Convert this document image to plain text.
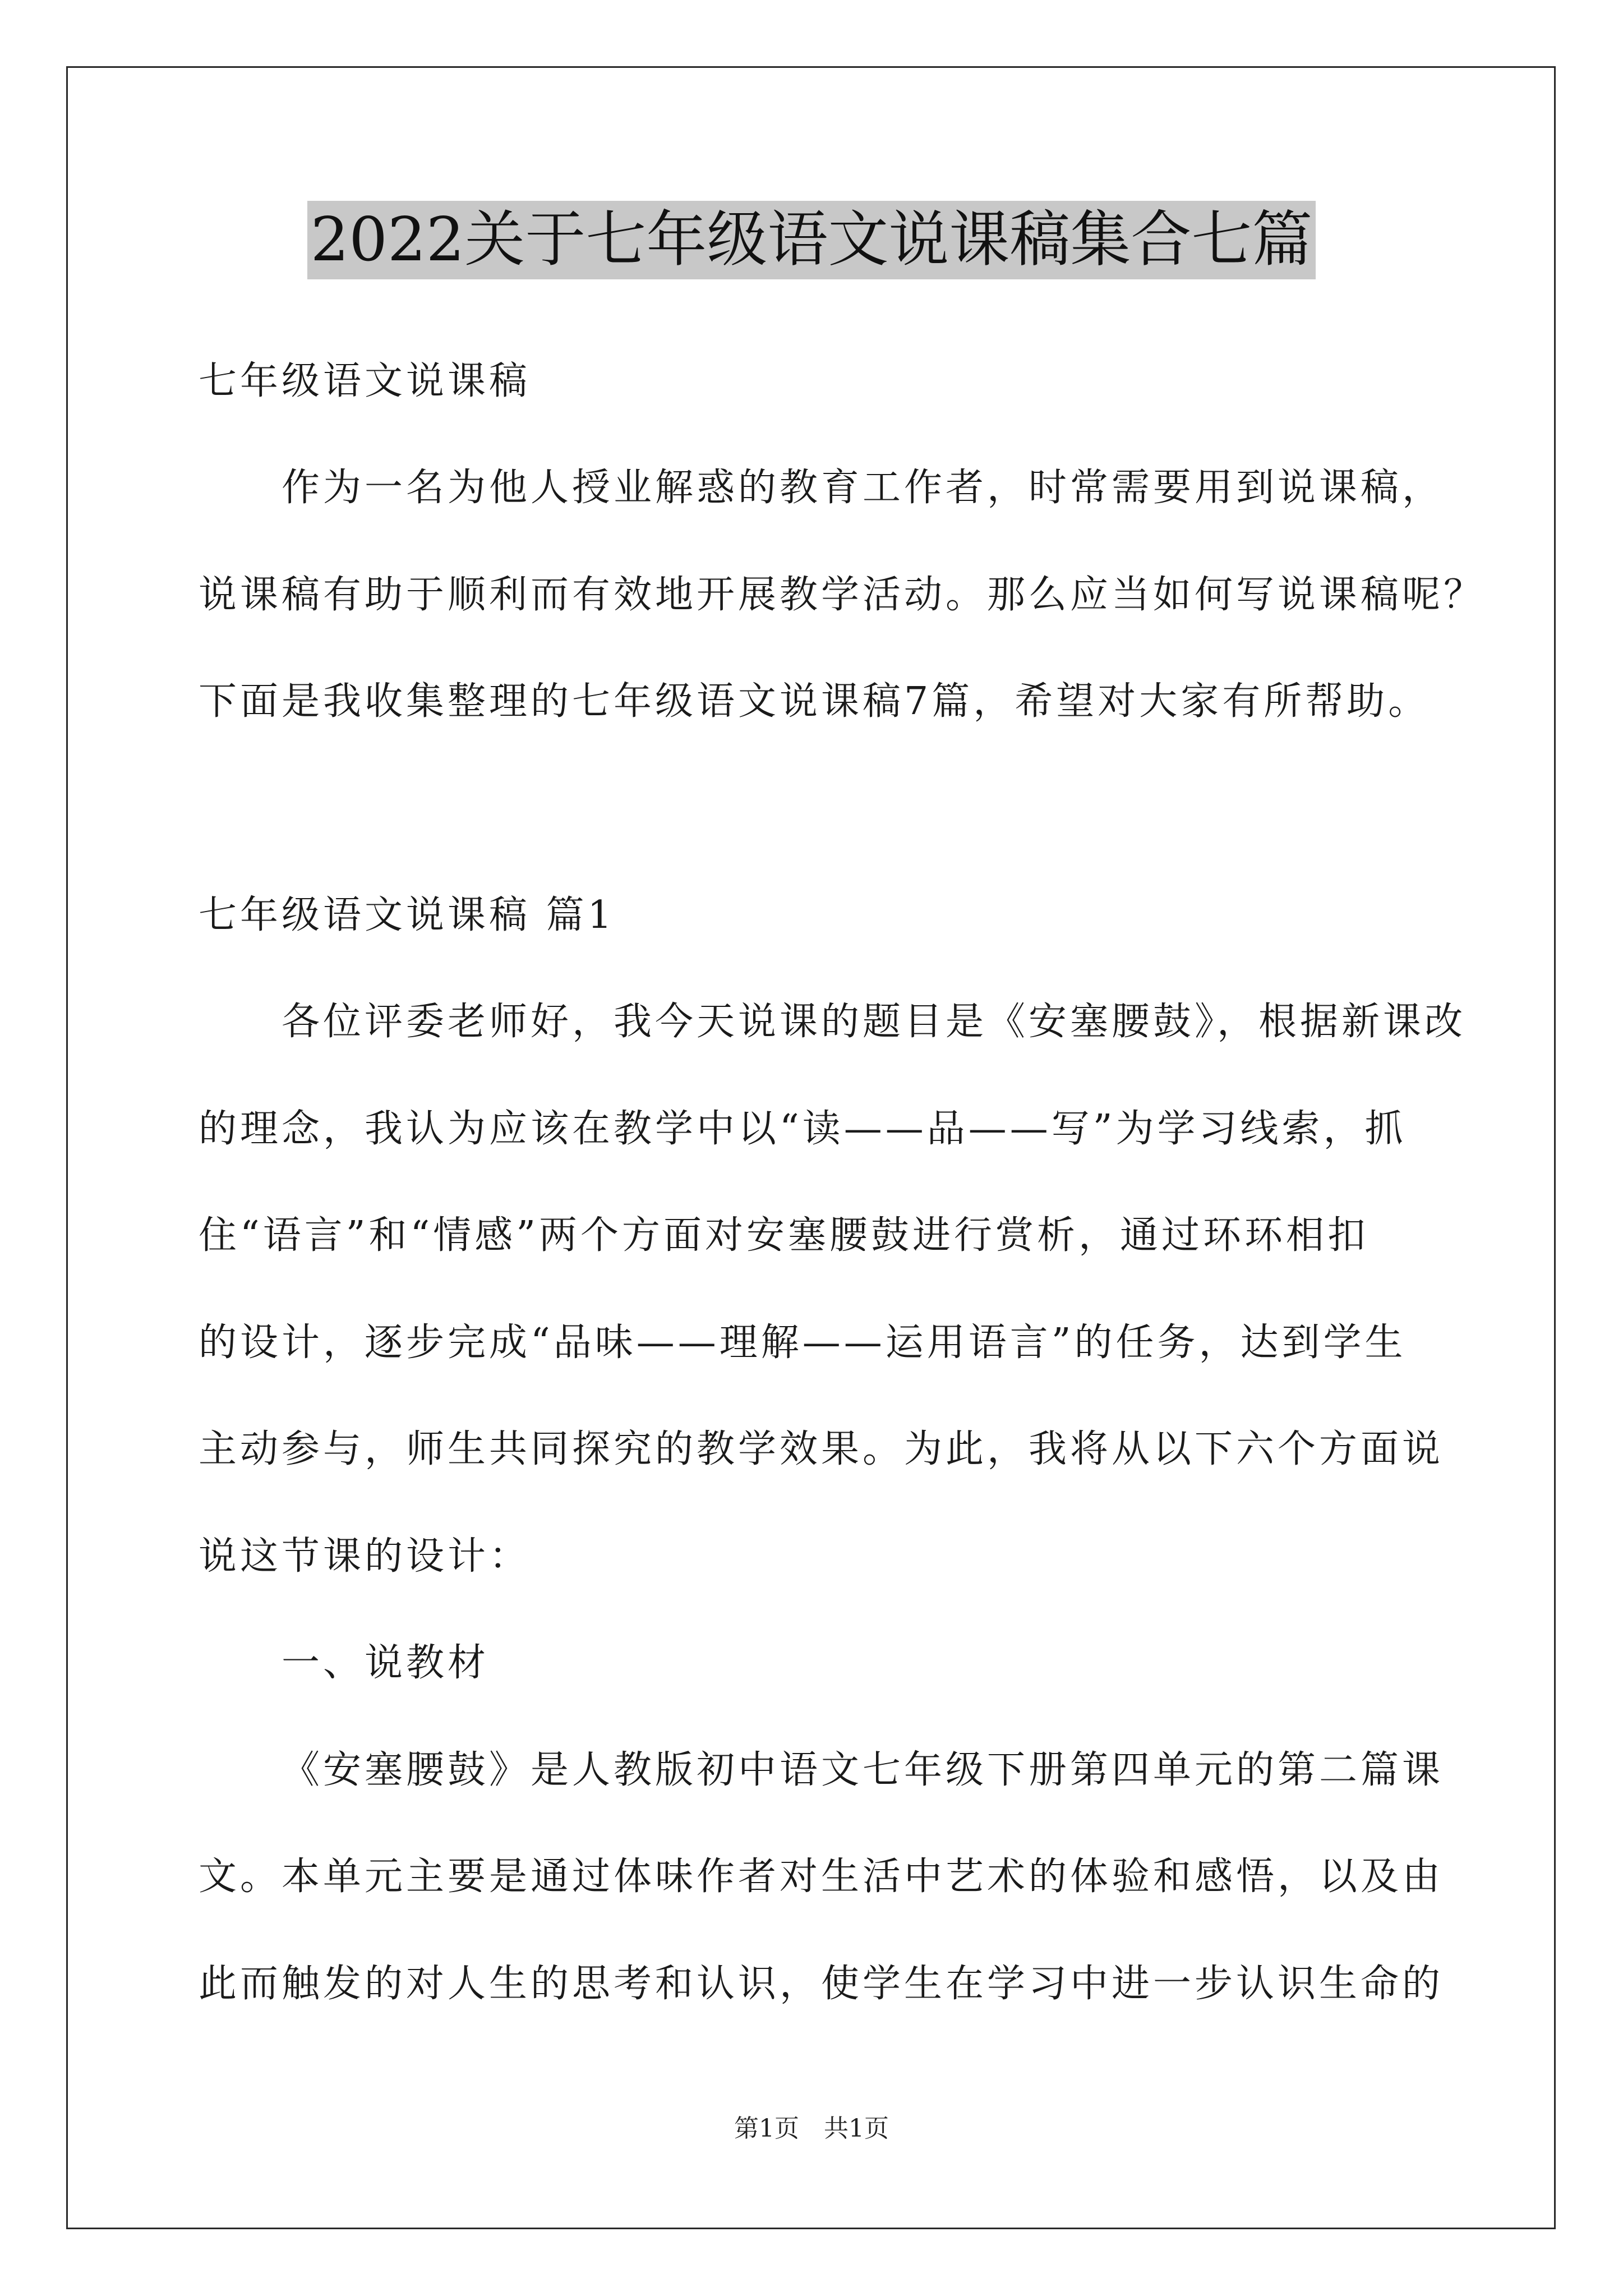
2022关于七年级语文说课稿集合七篇
七年级语文说课稿
作为一名为他人授业解惑的教育工作者，时常需要用到说课稿，
说课稿有助于顺利而有效地开展教学活动。那么应当如何写说课稿呢？
下面是我收集整理的七年级语文说课稿7篇，希望对大家有所帮助。
七年级语文说课稿 篇1
各位评委老师好，我今天说课的题目是《安塞腰鼓》，根据新课改
的理念，我认为应该在教学中以“读——品——写”为学习线索，抓
住“语言”和“情感”两个方面对安塞腰鼓进行赏析，通过环环相扣
的设计，逐步完成“品味——理解——运用语言”的任务，达到学生
主动参与，师生共同探究的教学效果。为此，我将从以下六个方面说
说这节课的设计：
一、说教材
《安塞腰鼓》是人教版初中语文七年级下册第四单元的第二篇课
文。本单元主要是通过体味作者对生活中艺术的体验和感悟，以及由
此而触发的对人生的思考和认识，使学生在学习中进一步认识生命的
第1页　共1页
